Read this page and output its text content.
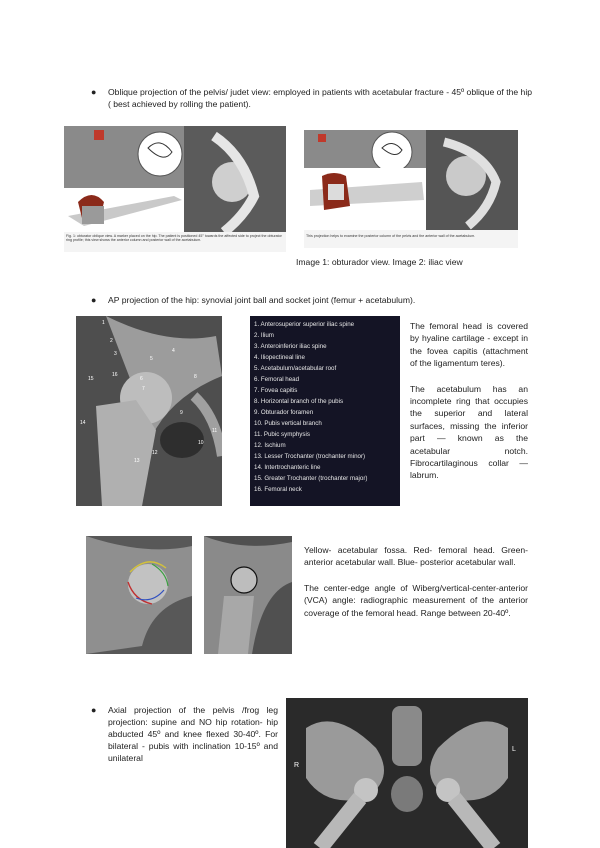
● Oblique projection of the pelvis/ judet view: employed in patients with acetabular fracture - 45º oblique of the hip ( best achieved by rolling the patient).
Fig. 1: obturator oblique view. A marker placed on the hip. The patient is positioned 45° towards the affected side to project the obturator ring profile; this view shows the anterior column and posterior wall of the acetabulum.
This projection helps to examine the posterior column of the pelvis and the anterior wall of the acetabulum.
Image 1: obturador view. Image 2: iliac view
● AP projection of the hip: synovial joint ball and socket joint (femur + acetabulum).
1
2
3	4
5
6
7
8
9
10
11
12
13
14
15
16
1. Anterosuperior superior iliac spine
2. Ilium
3. Anteroinferior iliac spine
4. Iliopectineal line
5. Acetabulum/acetabular roof
6. Femoral head
7. Fovea capitis
8. Horizontal branch of the pubis
9. Obturador foramen
10. Pubis vertical branch
11. Pubic symphysis
12. Ischium
13. Lesser Trochanter (trochanter minor)
14. Intertrochanteric line
15. Greater Trochanter (trochanter major)
16. Femoral neck

The femoral head is covered by hyaline cartilage - except in the fovea capitis (attachment of the ligamentum teres).

The acetabulum has an incomplete ring that occupies the superior and lateral surfaces, missing the inferior part — known as the acetabular notch. Fibrocartilaginous collar — labrum.

Yellow- acetabular fossa. Red- femoral head. Green- anterior acetabular wall. Blue- posterior acetabular wall.

The center-edge angle of Wiberg/vertical-center-anterior (VCA) angle: radiographic measurement of the anterior coverage of the femoral head. Range between 20-40º.

● Axial projection of the pelvis /frog leg projection: supine and NO hip rotation- hip abducted 45º and knee flexed 30-40º. For bilateral - pubis with inclination 10-15º and unilateral
R
L
